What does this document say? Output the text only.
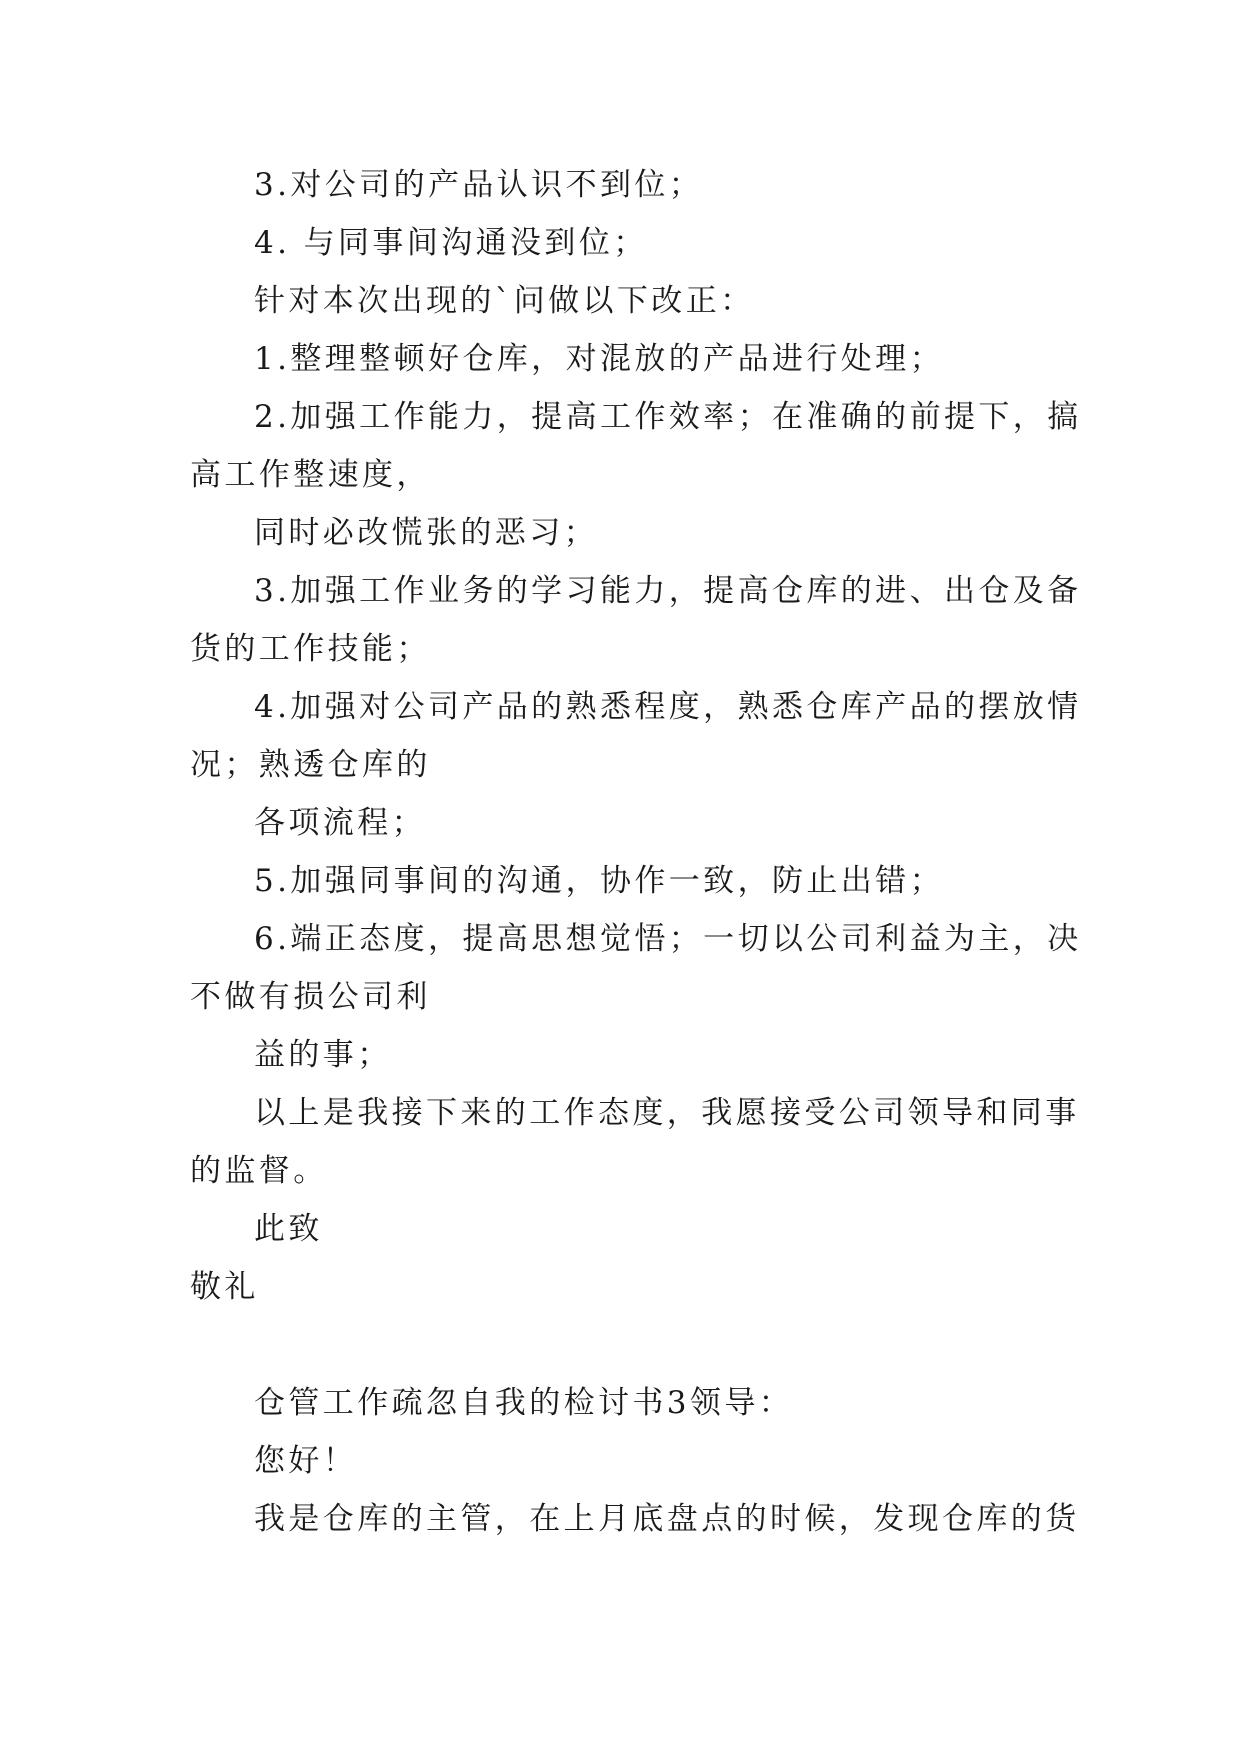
3.对公司的产品认识不到位；
4. 与同事间沟通没到位；
针对本次出现的`问做以下改正：
1.整理整顿好仓库，对混放的产品进行处理；
2.加强工作能力，提高工作效率；在准确的前提下，搞
高工作整速度，
同时必改慌张的恶习；
3.加强工作业务的学习能力，提高仓库的进、出仓及备
货的工作技能；
4.加强对公司产品的熟悉程度，熟悉仓库产品的摆放情
况；熟透仓库的
各项流程；
5.加强同事间的沟通，协作一致，防止出错；
6.端正态度，提高思想觉悟；一切以公司利益为主，决
不做有损公司利
益的事；
以上是我接下来的工作态度，我愿接受公司领导和同事
的监督。
此致
敬礼
仓管工作疏忽自我的检讨书3领导：
您好！
我是仓库的主管，在上月底盘点的时候，发现仓库的货
